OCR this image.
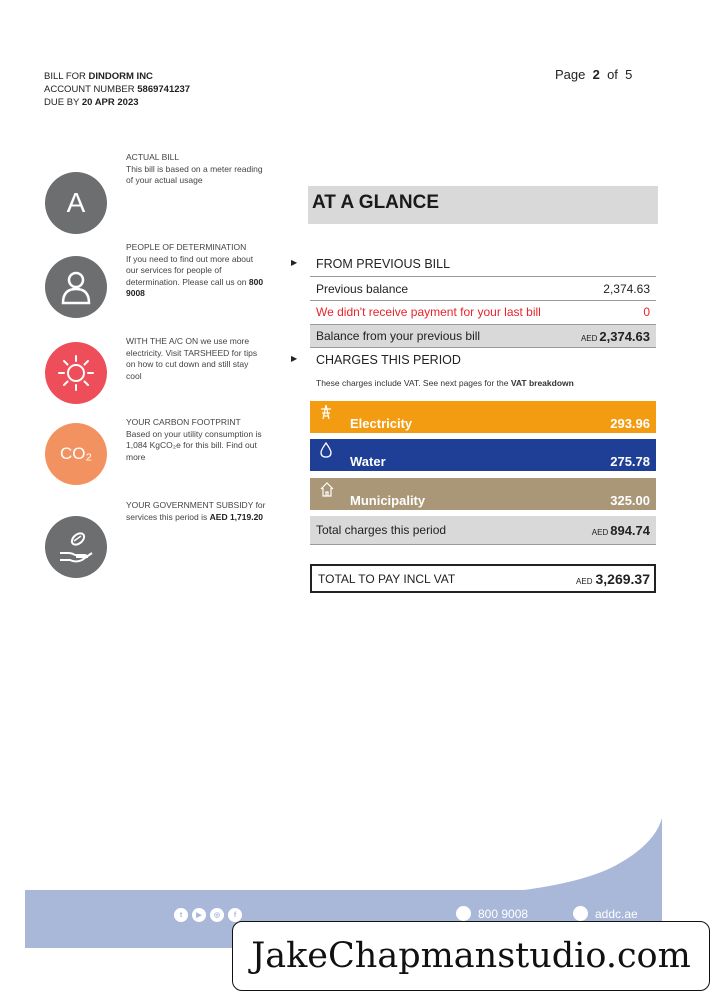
BILL FOR DINDORM INC
ACCOUNT NUMBER 5869741237
DUE BY 20 APR 2023
Page 2 of 5
A
ACTUAL BILL
This bill is based on a meter reading of your actual usage
PEOPLE OF DETERMINATION
If you need to find out more about our services for people of determination. Please call us on 800 9008
WITH THE A/C ON we use more electricity. Visit TARSHEED for tips on how to cut down and still stay cool
CO₂
YOUR CARBON FOOTPRINT
Based on your utility consumption is 1,084 KgCO₂e for this bill. Find out more
YOUR GOVERNMENT SUBSIDY for services this period is AED 1,719.20
AT A GLANCE
▶ FROM PREVIOUS BILL
Previous balance	2,374.63
We didn't receive payment for your last bill	0
Balance from your previous bill	AED 2,374.63
▶ CHARGES THIS PERIOD
These charges include VAT. See next pages for the VAT breakdown
Electricity	293.96
Water	275.78
Municipality	325.00
Total charges this period	AED 894.74
TOTAL TO PAY INCL VAT	AED 3,269.37
t	▶	◎	f	800 9008	addc.ae
JakeChapmanstudio.com
